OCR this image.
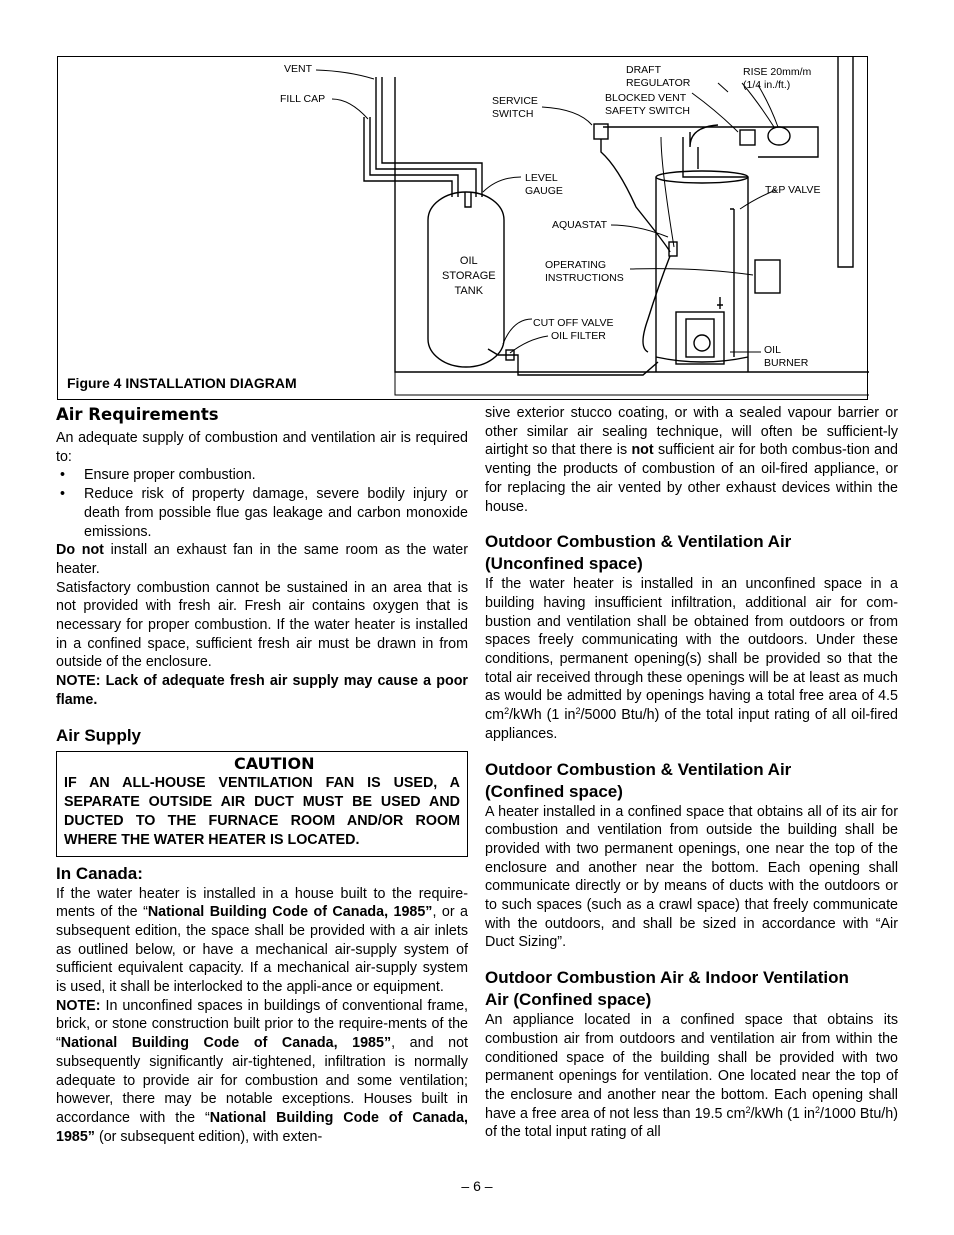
VENT
FILL CAP	SERVICE
SWITCH
DRAFT
REGULATOR
BLOCKED VENT
SAFETY SWITCH
RISE 20mm/m
(1/4 in./ft.)
LEVEL
GAUGE	T&P VALVE
AQUASTAT
OIL
STORAGE
TANK
OPERATING
INSTRUCTIONS
CUT OFF VALVE
OIL FILTER
OIL
BURNER
Figure 4 INSTALLATION DIAGRAM
Air Requirements

An adequate supply of combustion and ventilation air is required to:

• Ensure proper combustion.
• Reduce risk of property damage, severe bodily injury or death from possible flue gas leakage and carbon monoxide emissions.

Do not install an exhaust fan in the same room as the water heater.

Satisfactory combustion cannot be sustained in an area that is not provided with fresh air. Fresh air contains oxygen that is necessary for proper combustion. If the water heater is installed in a confined space, sufficient fresh air must be drawn in from outside of the enclosure.

NOTE: Lack of adequate fresh air supply may cause a poor flame.

Air Supply
CAUTION
IF AN ALL-HOUSE VENTILATION FAN IS USED, A SEPARATE OUTSIDE AIR DUCT MUST BE USED AND DUCTED TO THE FURNACE ROOM AND/OR ROOM WHERE THE WATER HEATER IS LOCATED.
In Canada:

If the water heater is installed in a house built to the require-ments of the “National Building Code of Canada, 1985”, or a subsequent edition, the space shall be provided with a air inlets as outlined below, or have a mechanical air-supply system of sufficient equivalent capacity. If a mechanical air-supply system is used, it shall be interlocked to the appli-ance or equipment.

NOTE: In unconfined spaces in buildings of conventional frame, brick, or stone construction built prior to the require-ments of the “National Building Code of Canada, 1985”, and not subsequently significantly air-tightened, infiltration is normally adequate to provide air for combustion and some ventilation; however, there may be notable exceptions. Houses built in accordance with the “National Building Code of Canada, 1985” (or subsequent edition), with exten-

sive exterior stucco coating, or with a sealed vapour barrier or other similar air sealing technique, will often be sufficient-ly airtight so that there is not sufficient air for both combus-tion and venting the products of combustion of an oil-fired appliance, or for replacing the air vented by other exhaust devices within the house.

Outdoor Combustion & Ventilation Air
(Unconfined space)

If the water heater is installed in an unconfined space in a building having insufficient infiltration, additional air for com-bustion and ventilation shall be obtained from outdoors or from spaces freely communicating with the outdoors. Under these conditions, permanent opening(s) shall be provided so that the total air received through these openings will be at least as much as would be admitted by openings having a total free area of 4.5 $cm^2$/kWh (1 $in^2/5000$ Btu/h) of the total input rating of all oil-fired appliances.

Outdoor Combustion & Ventilation Air
(Confined space)

A heater installed in a confined space that obtains all of its air for combustion and ventilation from outside the building shall be provided with two permanent openings, one near the top of the enclosure and another near the bottom. Each opening shall communicate directly or by means of ducts with the outdoors or to such spaces (such as a crawl space) that freely communicate with the outdoors, and shall be sized in accordance with “Air Duct Sizing”.

Outdoor Combustion Air & Indoor Ventilation
Air (Confined space)

An appliance located in a confined space that obtains its combustion air from outdoors and ventilation air from within the conditioned space of the building shall be provided with two permanent openings for ventilation. One located near the top of the enclosure and another near the bottom. Each opening shall have a free area of not less than 19.5 $cm^2$/kWh (1 $in^2/1000$ Btu/h) of the total input rating of all

– 6 –
